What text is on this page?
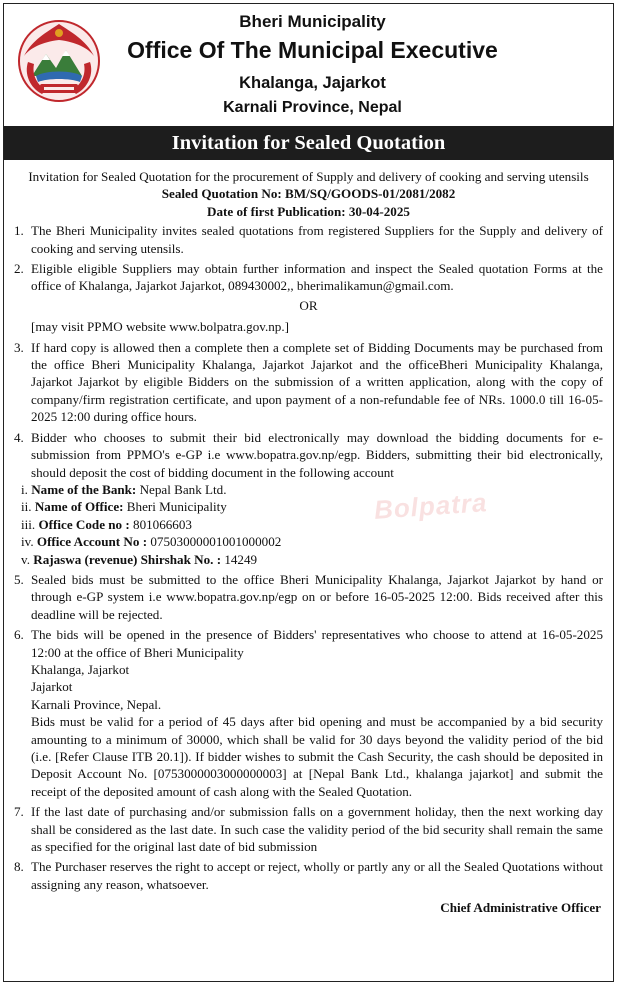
Bheri Municipality
Office Of The Municipal Executive
Khalanga, Jajarkot
Karnali Province, Nepal
Invitation for Sealed Quotation
Bolpatra
Invitation for Sealed Quotation for the procurement of Supply and delivery of cooking and serving utensils
Sealed Quotation No: BM/SQ/GOODS-01/2081/2082
Date of first Publication: 30-04-2025
1. The Bheri Municipality invites sealed quotations from registered Suppliers for the Supply and delivery of cooking and serving utensils.
2. Eligible eligible Suppliers may obtain further information and inspect the Sealed quotation Forms at the office of Khalanga, Jajarkot Jajarkot, 089430002,, bherimalikamun@gmail.com.
OR
[may visit PPMO website www.bolpatra.gov.np.]
3. If hard copy is allowed then a complete then a complete set of Bidding Documents may be purchased from the office Bheri Municipality Khalanga, Jajarkot Jajarkot and the officeBheri Municipality Khalanga, Jajarkot Jajarkot by eligible Bidders on the submission of a written application, along with the copy of company/firm registration certificate, and upon payment of a non-refundable fee of NRs. 1000.0 till 16-05-2025 12:00 during office hours.
4. Bidder who chooses to submit their bid electronically may download the bidding documents for e-submission from PPMO's e-GP i.e www.bopatra.gov.np/egp. Bidders, submitting their bid electronically, should deposit the cost of bidding document in the following account
i. Name of the Bank: Nepal Bank Ltd.
ii. Name of Office: Bheri Municipality
iii. Office Code no : 801066603
iv. Office Account No : 07503000001001000002
v. Rajaswa (revenue) Shirshak No. : 14249
5. Sealed bids must be submitted to the office Bheri Municipality Khalanga, Jajarkot Jajarkot by hand or through e-GP system i.e www.bopatra.gov.np/egp on or before 16-05-2025 12:00. Bids received after this deadline will be rejected.
6. The bids will be opened in the presence of Bidders' representatives who choose to attend at 16-05-2025 12:00 at the office of Bheri Municipality
Khalanga, Jajarkot
Jajarkot
Karnali Province, Nepal.
Bids must be valid for a period of 45 days after bid opening and must be accompanied by a bid security amounting to a minimum of 30000, which shall be valid for 30 days beyond the validity period of the bid (i.e. [Refer Clause ITB 20.1]). If bidder wishes to submit the Cash Security, the cash should be deposited in Deposit Account No. [0753000003000000003] at [Nepal Bank Ltd., khalanga jajarkot] and submit the receipt of the deposited amount of cash along with the Sealed Quotation.
7. If the last date of purchasing and/or submission falls on a government holiday, then the next working day shall be considered as the last date. In such case the validity period of the bid security shall remain the same as specified for the original last date of bid submission
8. The Purchaser reserves the right to accept or reject, wholly or partly any or all the Sealed Quotations without assigning any reason, whatsoever.
Chief Administrative Officer
